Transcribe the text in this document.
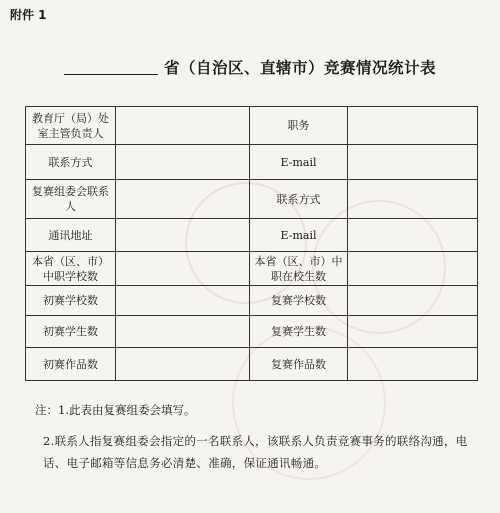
附件 1
省（自治区、直辖市）竞赛情况统计表
教育厅（局）处室主管负责人		职务	
联系方式		E-mail	
复赛组委会联系人		联系方式	
通讯地址		E-mail	
本省（区、市）中职学校数		本省（区、市）中职在校生数	
初赛学校数		复赛学校数	
初赛学生数		复赛学生数	
初赛作品数		复赛作品数	
注：1.此表由复赛组委会填写。
2.联系人指复赛组委会指定的一名联系人，该联系人负责竞赛事务的联络沟通，电话、电子邮箱等信息务必清楚、准确，保证通讯畅通。
